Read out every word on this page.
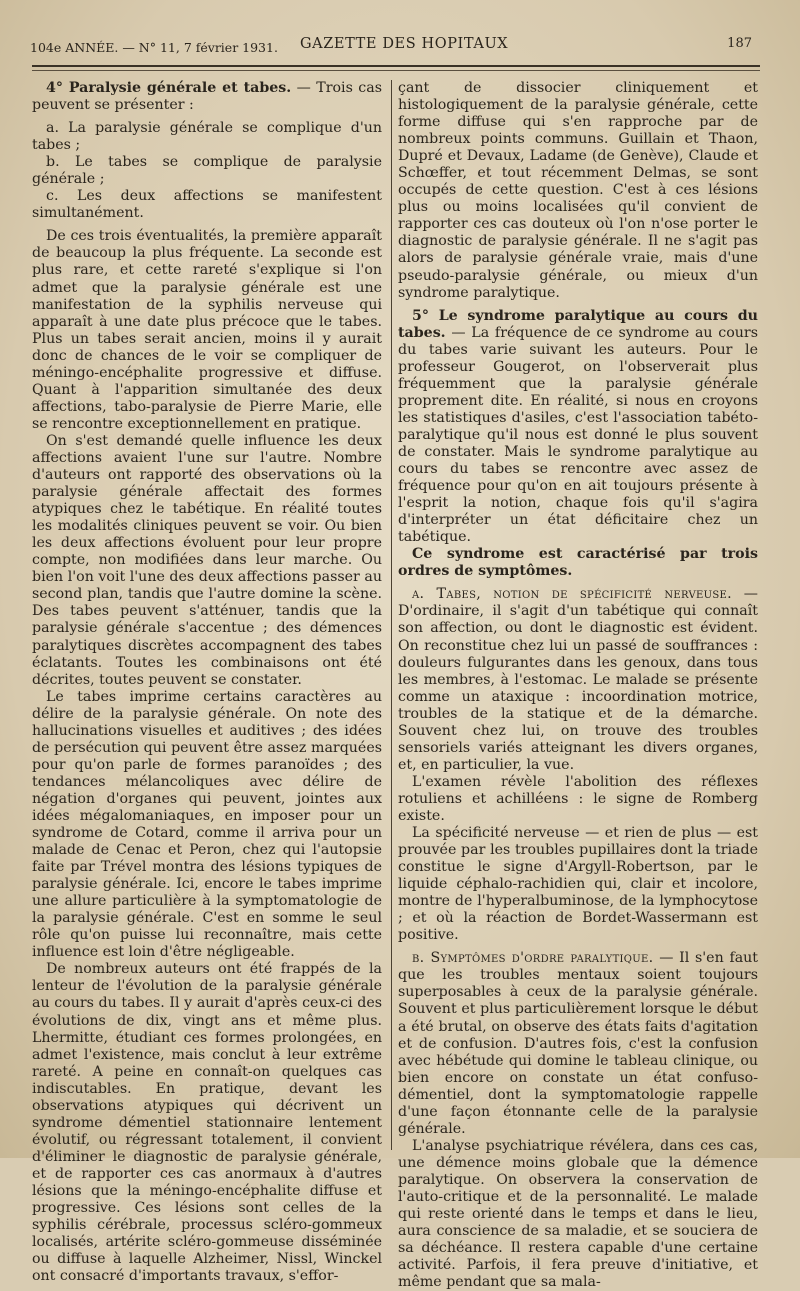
104e ANNÉE. — N° 11, 7 février 1931. GAZETTE DES HOPITAUX	187

4° Paralysie générale et tabes. — Trois cas peuvent se présenter :

a. La paralysie générale se complique d'un tabes ;

b. Le tabes se complique de paralysie générale ;

c. Les deux affections se manifestent simultanément.

De ces trois éventualités, la première apparaît de beaucoup la plus fréquente. La seconde est plus rare, et cette rareté s'explique si l'on admet que la paralysie générale est une manifestation de la syphilis nerveuse qui apparaît à une date plus précoce que le tabes. Plus un tabes serait ancien, moins il y aurait donc de chances de le voir se compliquer de méningo-encéphalite progressive et diffuse. Quant à l'apparition simultanée des deux affections, tabo-paralysie de Pierre Marie, elle se rencontre exceptionnellement en pratique.

On s'est demandé quelle influence les deux affections avaient l'une sur l'autre. Nombre d'auteurs ont rapporté des observations où la paralysie générale affectait des formes atypiques chez le tabétique. En réalité toutes les modalités cliniques peuvent se voir. Ou bien les deux affections évoluent pour leur propre compte, non modifiées dans leur marche. Ou bien l'on voit l'une des deux affections passer au second plan, tandis que l'autre domine la scène. Des tabes peuvent s'atténuer, tandis que la paralysie générale s'accentue ; des démences paralytiques discrètes accompagnent des tabes éclatants. Toutes les combinaisons ont été décrites, toutes peuvent se constater.

Le tabes imprime certains caractères au délire de la paralysie générale. On note des hallucinations visuelles et auditives ; des idées de persécution qui peuvent être assez marquées pour qu'on parle de formes paranoïdes ; des tendances mélancoliques avec délire de négation d'organes qui peuvent, jointes aux idées mégalomaniaques, en imposer pour un syndrome de Cotard, comme il arriva pour un malade de Cenac et Peron, chez qui l'autopsie faite par Trével montra des lésions typiques de paralysie générale. Ici, encore le tabes imprime une allure particulière à la symptomatologie de la paralysie générale. C'est en somme le seul rôle qu'on puisse lui reconnaître, mais cette influence est loin d'être négligeable.

De nombreux auteurs ont été frappés de la lenteur de l'évolution de la paralysie générale au cours du tabes. Il y aurait d'après ceux-ci des évolutions de dix, vingt ans et même plus. Lhermitte, étudiant ces formes prolongées, en admet l'existence, mais conclut à leur extrême rareté. A peine en connaît-on quelques cas indiscutables. En pratique, devant les observations atypiques qui décrivent un syndrome démentiel stationnaire lentement évolutif, ou régressant totalement, il convient d'éliminer le diagnostic de paralysie générale, et de rapporter ces cas anormaux à d'autres lésions que la méningo-encéphalite diffuse et progressive. Ces lésions sont celles de la syphilis cérébrale, processus scléro-gommeux localisés, artérite scléro-gommeuse disséminée ou diffuse à laquelle Alzheimer, Nissl, Winckel ont consacré d'importants travaux, s'effor-

çant de dissocier cliniquement et histologiquement de la paralysie générale, cette forme diffuse qui s'en rapproche par de nombreux points communs. Guillain et Thaon, Dupré et Devaux, Ladame (de Genève), Claude et Schœffer, et tout récemment Delmas, se sont occupés de cette question. C'est à ces lésions plus ou moins localisées qu'il convient de rapporter ces cas douteux où l'on n'ose porter le diagnostic de paralysie générale. Il ne s'agit pas alors de paralysie générale vraie, mais d'une pseudo-paralysie générale, ou mieux d'un syndrome paralytique.

5° Le syndrome paralytique au cours du tabes. — La fréquence de ce syndrome au cours du tabes varie suivant les auteurs. Pour le professeur Gougerot, on l'observerait plus fréquemment que la paralysie générale proprement dite. En réalité, si nous en croyons les statistiques d'asiles, c'est l'association tabéto-paralytique qu'il nous est donné le plus souvent de constater. Mais le syndrome paralytique au cours du tabes se rencontre avec assez de fréquence pour qu'on en ait toujours présente à l'esprit la notion, chaque fois qu'il s'agira d'interpréter un état déficitaire chez un tabétique.

Ce syndrome est caractérisé par trois ordres de symptômes.

a. Tabes, notion de spécificité nerveuse. — D'ordinaire, il s'agit d'un tabétique qui connaît son affection, ou dont le diagnostic est évident. On reconstitue chez lui un passé de souffrances : douleurs fulgurantes dans les genoux, dans tous les membres, à l'estomac. Le malade se présente comme un ataxique : incoordination motrice, troubles de la statique et de la démarche. Souvent chez lui, on trouve des troubles sensoriels variés atteignant les divers organes, et, en particulier, la vue.

L'examen révèle l'abolition des réflexes rotuliens et achilléens : le signe de Romberg existe.

La spécificité nerveuse — et rien de plus — est prouvée par les troubles pupillaires dont la triade constitue le signe d'Argyll-Robertson, par le liquide céphalo-rachidien qui, clair et incolore, montre de l'hyperalbuminose, de la lymphocytose ; et où la réaction de Bordet-Wassermann est positive.

b. Symptômes d'ordre paralytique. — Il s'en faut que les troubles mentaux soient toujours superposables à ceux de la paralysie générale. Souvent et plus particulièrement lorsque le début a été brutal, on observe des états faits d'agitation et de confusion. D'autres fois, c'est la confusion avec hébétude qui domine le tableau clinique, ou bien encore on constate un état confuso-démentiel, dont la symptomatologie rappelle d'une façon étonnante celle de la paralysie générale.

L'analyse psychiatrique révélera, dans ces cas, une démence moins globale que la démence paralytique. On observera la conservation de l'auto-critique et de la personnalité. Le malade qui reste orienté dans le temps et dans le lieu, aura conscience de sa maladie, et se souciera de sa déchéance. Il restera capable d'une certaine activité. Parfois, il fera preuve d'initiative, et même pendant que sa mala-
